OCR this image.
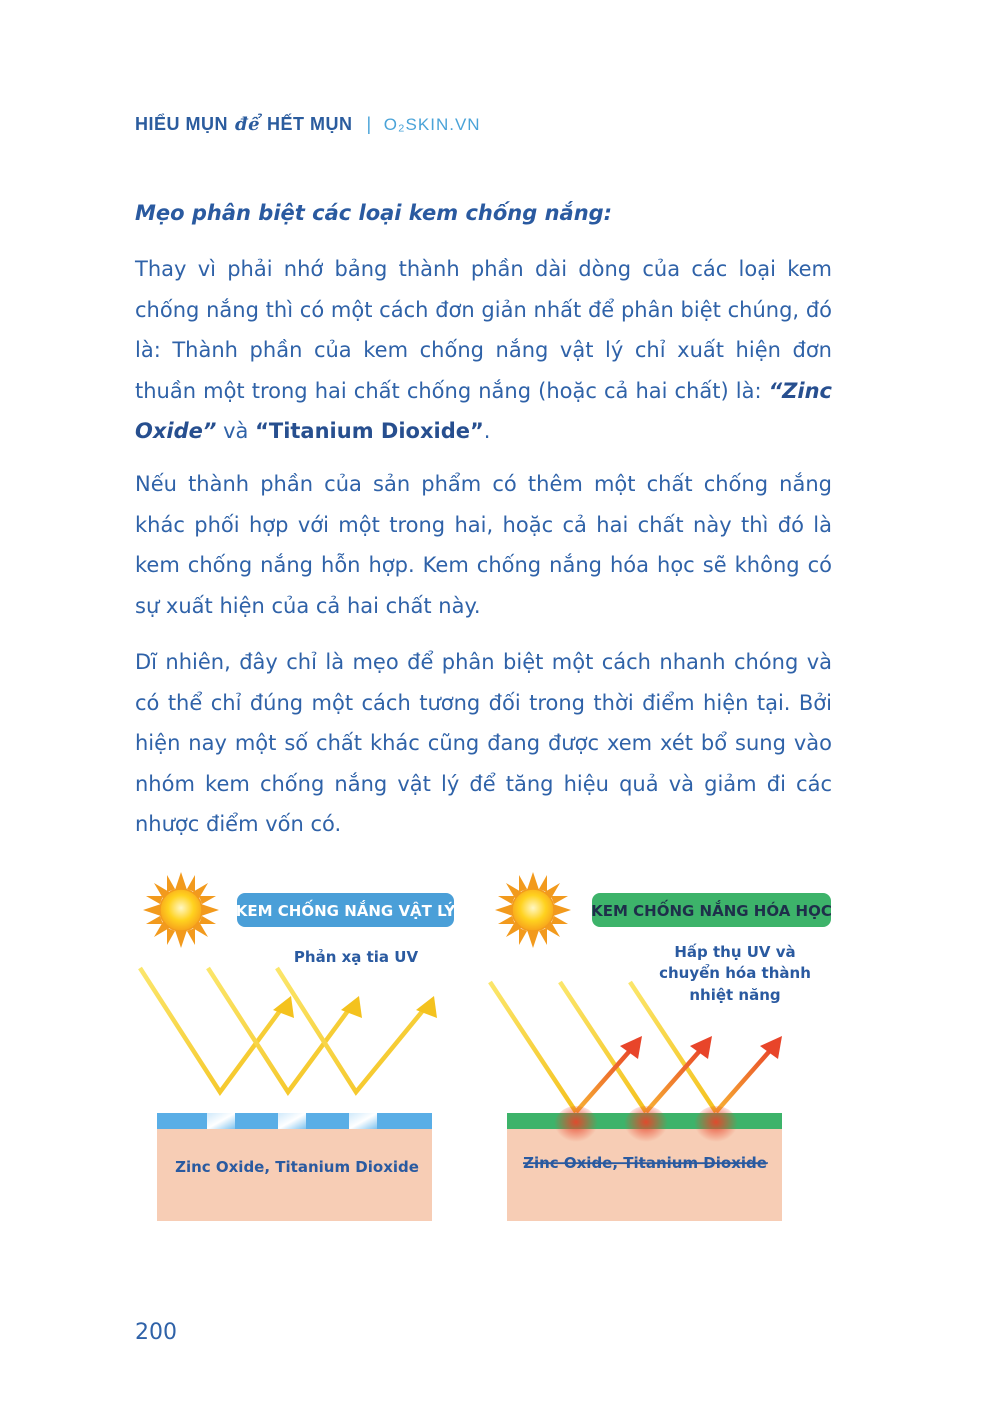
HIỂU MỤN để HẾT MỤN | O₂SKIN.VN
Mẹo phân biệt các loại kem chống nắng:
Thay vì phải nhớ bảng thành phần dài dòng của các loại kem chống nắng thì có một cách đơn giản nhất để phân biệt chúng, đó là: Thành phần của kem chống nắng vật lý chỉ xuất hiện đơn thuần một trong hai chất chống nắng (hoặc cả hai chất) là: “Zinc Oxide” và “Titanium Dioxide”.
Nếu thành phần của sản phẩm có thêm một chất chống nắng khác phối hợp với một trong hai, hoặc cả hai chất này thì đó là kem chống nắng hỗn hợp. Kem chống nắng hóa học sẽ không có sự xuất hiện của cả hai chất này.
Dĩ nhiên, đây chỉ là mẹo để phân biệt một cách nhanh chóng và có thể chỉ đúng một cách tương đối trong thời điểm hiện tại. Bởi hiện nay một số chất khác cũng đang được xem xét bổ sung vào nhóm kem chống nắng vật lý để tăng hiệu quả và giảm đi các nhược điểm vốn có.
KEM CHỐNG NẮNG VẬT LÝ
Phản xạ tia UV
Zinc Oxide, Titanium Dioxide
KEM CHỐNG NẮNG HÓA HỌC
Hấp thụ UV và
chuyển hóa thành
nhiệt năng
Zinc Oxide, Titanium Dioxide
200
